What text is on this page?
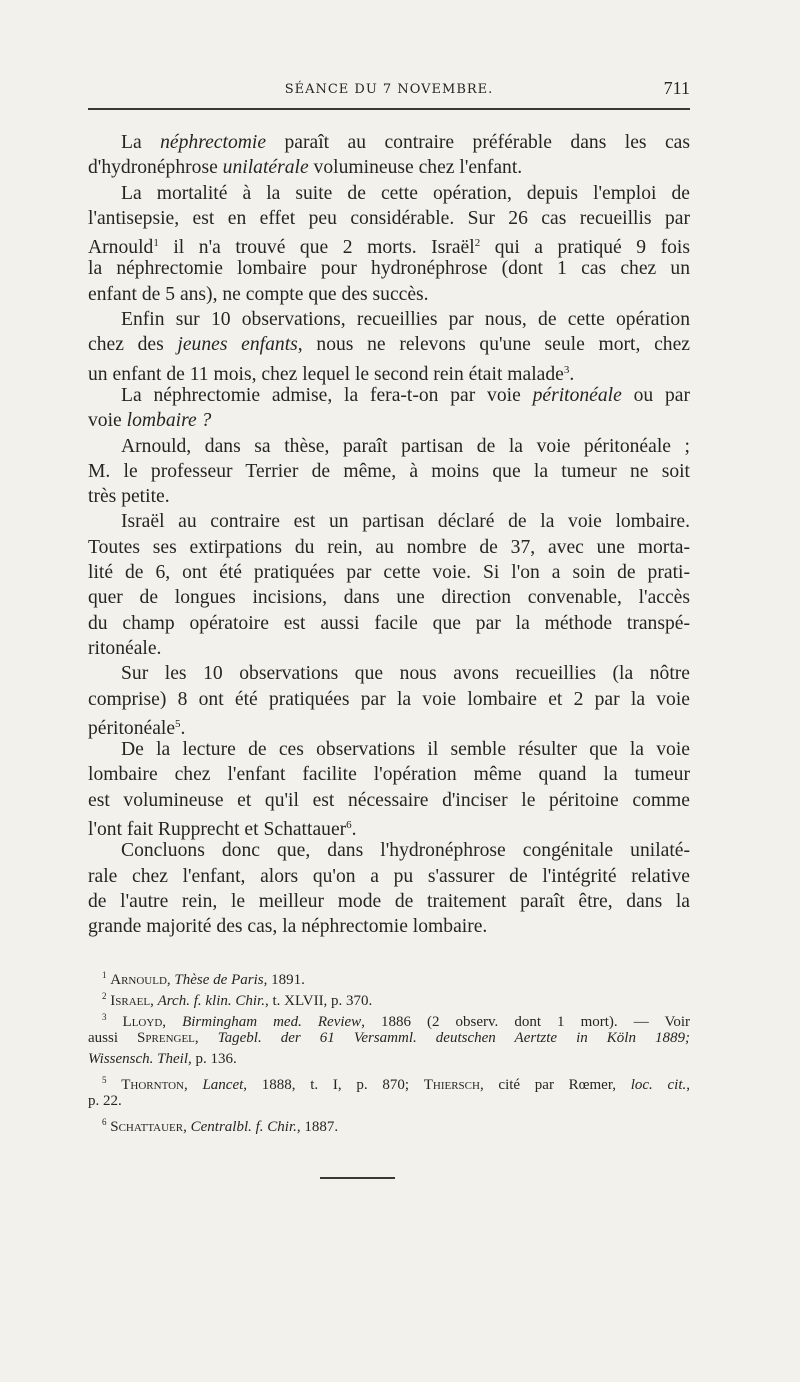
SÉANCE DU 7 NOVEMBRE.	711
La néphrectomie paraît au contraire préférable dans les cas
d'hydronéphrose unilatérale volumineuse chez l'enfant.
La mortalité à la suite de cette opération, depuis l'emploi de
l'antisepsie, est en effet peu considérable. Sur 26 cas recueillis par
Arnould$^1$ il n'a trouvé que 2 morts. Israël$^2$ qui a pratiqué 9 fois
la néphrectomie lombaire pour hydronéphrose (dont 1 cas chez un
enfant de 5 ans), ne compte que des succès.
Enfin sur 10 observations, recueillies par nous, de cette opération
chez des jeunes enfants, nous ne relevons qu'une seule mort, chez
un enfant de 11 mois, chez lequel le second rein était malade$^3$.
La néphrectomie admise, la fera-t-on par voie péritonéale ou par
voie lombaire ?
Arnould, dans sa thèse, paraît partisan de la voie péritonéale ;
M. le professeur Terrier de même, à moins que la tumeur ne soit
très petite.
Israël au contraire est un partisan déclaré de la voie lombaire.
Toutes ses extirpations du rein, au nombre de 37, avec une morta-
lité de 6, ont été pratiquées par cette voie. Si l'on a soin de prati-
quer de longues incisions, dans une direction convenable, l'accès
du champ opératoire est aussi facile que par la méthode transpé-
ritonéale.
Sur les 10 observations que nous avons recueillies (la nôtre
comprise) 8 ont été pratiquées par la voie lombaire et 2 par la voie
péritonéale$^5$.
De la lecture de ces observations il semble résulter que la voie
lombaire chez l'enfant facilite l'opération même quand la tumeur
est volumineuse et qu'il est nécessaire d'inciser le péritoine comme
l'ont fait Rupprecht et Schattauer$^6$.
Concluons donc que, dans l'hydronéphrose congénitale unilaté-
rale chez l'enfant, alors qu'on a pu s'assurer de l'intégrité relative
de l'autre rein, le meilleur mode de traitement paraît être, dans la
grande majorité des cas, la néphrectomie lombaire.
$^1$ Arnould, Thèse de Paris, 1891.
$^2$ Israel, Arch. f. klin. Chir., t. XLVII, p. 370.
$^3$ Lloyd, Birmingham med. Review, 1886 (2 observ. dont 1 mort). — Voir
aussi Sprengel, Tagebl. der 61 Versamml. deutschen Aertzte in Köln 1889;
Wissensch. Theil, p. 136.
$^5$ Thornton, Lancet, 1888, t. I, p. 870; Thiersch, cité par Rœmer, loc. cit.,
p. 22.
$^6$ Schattauer, Centralbl. f. Chir., 1887.
